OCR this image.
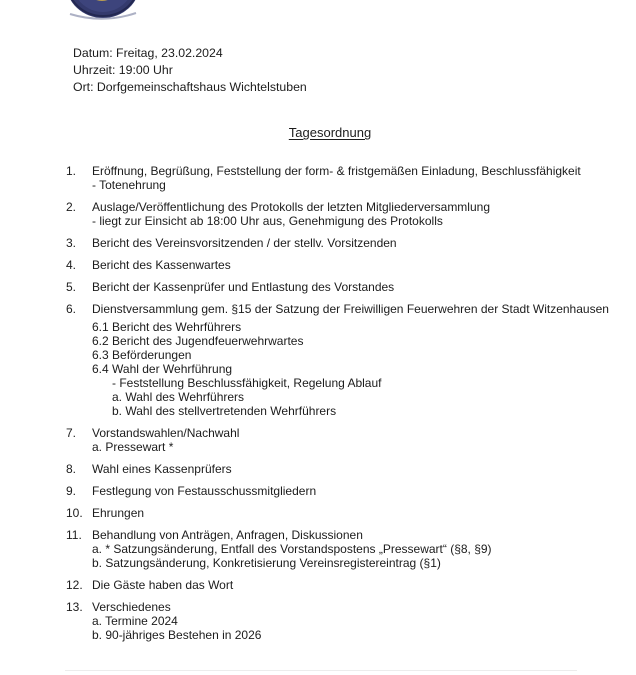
Datum: Freitag, 23.02.2024
Uhrzeit: 19:00 Uhr
Ort: Dorfgemeinschaftshaus Wichtelstuben
Tagesordnung
1.	Eröffnung, Begrüßung, Feststellung der form- & fristgemäßen Einladung, Beschlussfähigkeit
- Totenehrung
2.	Auslage/Veröffentlichung des Protokolls der letzten Mitgliederversammlung
- liegt zur Einsicht ab 18:00 Uhr aus, Genehmigung des Protokolls
3.	Bericht des Vereinsvorsitzenden / der stellv. Vorsitzenden
4.	Bericht des Kassenwartes
5.	Bericht der Kassenprüfer und Entlastung des Vorstandes
6.	Dienstversammlung gem. §15 der Satzung der Freiwilligen Feuerwehren der Stadt Witzenhausen
6.1 Bericht des Wehrführers
6.2 Bericht des Jugendfeuerwehrwartes
6.3 Beförderungen
6.4 Wahl der Wehrführung
- Feststellung Beschlussfähigkeit, Regelung Ablauf
a. Wahl des Wehrführers
b. Wahl des stellvertretenden Wehrführers
7.	Vorstandswahlen/Nachwahl
a. Pressewart *
8.	Wahl eines Kassenprüfers
9.	Festlegung von Festausschussmitgliedern
10. Ehrungen
11. Behandlung von Anträgen, Anfragen, Diskussionen
a. * Satzungsänderung, Entfall des Vorstandspostens „Pressewart“ (§8, §9)
b. Satzungsänderung, Konkretisierung Vereinsregistereintrag (§1)
12. Die Gäste haben das Wort
13. Verschiedenes
a. Termine 2024
b. 90-jähriges Bestehen in 2026
